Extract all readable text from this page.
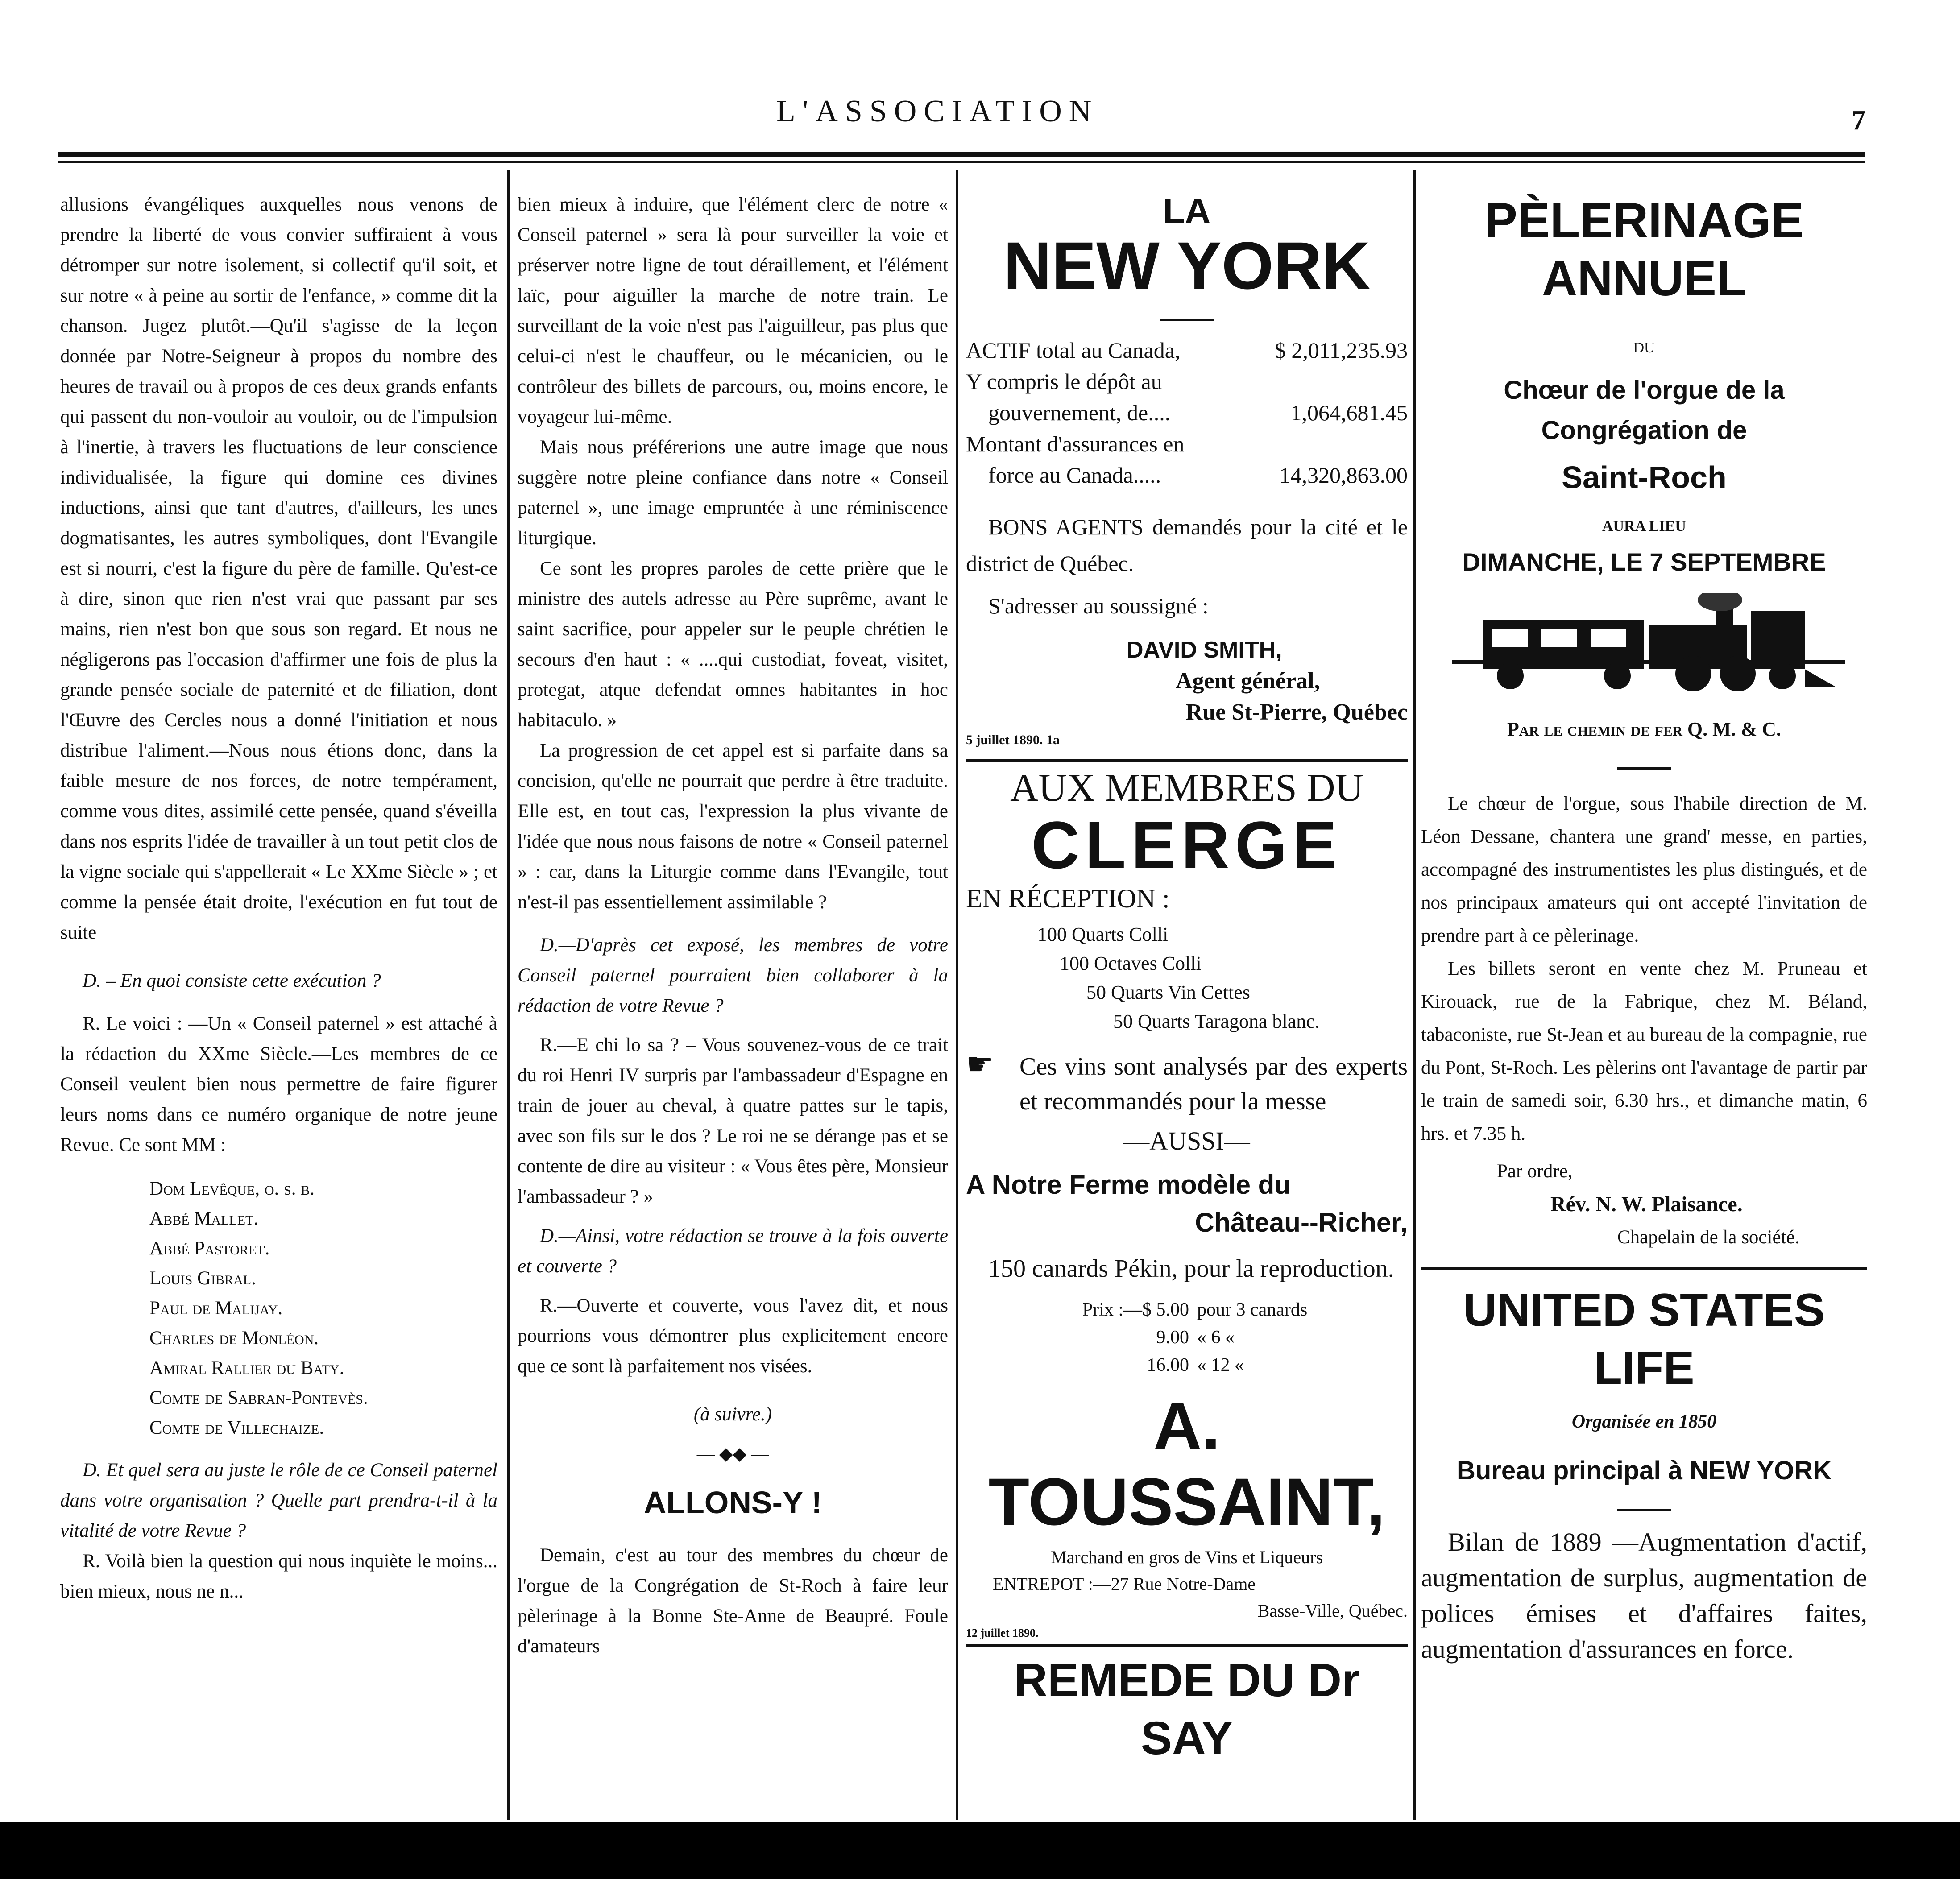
L'ASSOCIATION	7

allusions évangéliques auxquelles nous venons de prendre la liberté de vous convier suffiraient à vous détromper sur notre isolement, si collectif qu'il soit, et sur notre « à peine au sortir de l'enfance, » comme dit la chanson. Jugez plutôt.—Qu'il s'agisse de la leçon donnée par Notre-Seigneur à propos du nombre des heures de travail ou à propos de ces deux grands enfants qui passent du non-vouloir au vouloir, ou de l'impulsion à l'inertie, à travers les fluctuations de leur conscience individualisée, la figure qui domine ces divines inductions, ainsi que tant d'autres, d'ailleurs, les unes dogmatisantes, les autres symboliques, dont l'Evangile est si nourri, c'est la figure du père de famille. Qu'est-ce à dire, sinon que rien n'est vrai que passant par ses mains, rien n'est bon que sous son regard. Et nous ne négligerons pas l'occasion d'affirmer une fois de plus la grande pensée sociale de paternité et de filiation, dont l'Œuvre des Cercles nous a donné l'initiation et nous distribue l'aliment.—Nous nous étions donc, dans la faible mesure de nos forces, de notre tempérament, comme vous dites, assimilé cette pensée, quand s'éveilla dans nos esprits l'idée de travailler à un tout petit clos de la vigne sociale qui s'appellerait « Le XXme Siècle » ; et comme la pensée était droite, l'exécution en fut tout de suite

D. – En quoi consiste cette exécution ?

R. Le voici : —Un « Conseil paternel » est attaché à la rédaction du XXme Siècle.—Les membres de ce Conseil veulent bien nous permettre de faire figurer leurs noms dans ce numéro organique de notre jeune Revue. Ce sont MM :

Dom Levêque, o. s. b.
Abbé Mallet.
Abbé Pastoret.
Louis Gibral.
Paul de Malijay.
Charles de Monléon.
Amiral Rallier du Baty.
Comte de Sabran-Pontevès.
Comte de Villechaize.

D. Et quel sera au juste le rôle de ce Conseil paternel dans votre organisation ? Quelle part prendra-t-il à la vitalité de votre Revue ?

R. Voilà bien la question qui nous inquiète le moins... bien mieux, nous ne n...

bien mieux à induire, que l'élément clerc de notre « Conseil paternel » sera là pour surveiller la voie et préserver notre ligne de tout déraillement, et l'élément laïc, pour aiguiller la marche de notre train. Le surveillant de la voie n'est pas l'aiguilleur, pas plus que celui-ci n'est le chauffeur, ou le mécanicien, ou le contrôleur des billets de parcours, ou, moins encore, le voyageur lui-même.

Mais nous préférerions une autre image que nous suggère notre pleine confiance dans notre « Conseil paternel », une image empruntée à une réminiscence liturgique.

Ce sont les propres paroles de cette prière que le ministre des autels adresse au Père suprême, avant le saint sacrifice, pour appeler sur le peuple chrétien le secours d'en haut : « ....qui custodiat, foveat, visitet, protegat, atque defendat omnes habitantes in hoc habitaculo. »

La progression de cet appel est si parfaite dans sa concision, qu'elle ne pourrait que perdre à être traduite. Elle est, en tout cas, l'expression la plus vivante de l'idée que nous nous faisons de notre « Conseil paternel » : car, dans la Liturgie comme dans l'Evangile, tout n'est-il pas essentiellement assimilable ?

D.—D'après cet exposé, les membres de votre Conseil paternel pourraient bien collaborer à la rédaction de votre Revue ?

R.—E chi lo sa ? – Vous souvenez-vous de ce trait du roi Henri IV surpris par l'ambassadeur d'Espagne en train de jouer au cheval, à quatre pattes sur le tapis, avec son fils sur le dos ? Le roi ne se dérange pas et se contente de dire au visiteur : « Vous êtes père, Monsieur l'ambassadeur ? »

D.—Ainsi, votre rédaction se trouve à la fois ouverte et couverte ?

R.—Ouverte et couverte, vous l'avez dit, et nous pourrions vous démontrer plus explicitement encore que ce sont là parfaitement nos visées.

(à suivre.)

— ◆◆ —

ALLONS-Y !

Demain, c'est au tour des membres du chœur de l'orgue de la Congrégation de St-Roch à faire leur pèlerinage à la Bonne Ste-Anne de Beaupré. Foule d'amateurs

LA
NEW YORK
ACTIF total au Canada,	$ 2,011,235.93
Y compris le dépôt au
gouvernement, de....	1,064,681.45
Montant d'assurances en
force au Canada.....	14,320,863.00

BONS AGENTS demandés pour la cité et le district de Québec.

S'adresser au soussigné :

DAVID SMITH,
Agent général,
Rue St-Pierre, Québec
5 juillet 1890. 1a
AUX MEMBRES DU
CLERGE
EN RÉCEPTION :
100 Quarts Colli
100 Octaves Colli
50 Quarts Vin Cettes
50 Quarts Taragona blanc.
☛	Ces vins sont analysés par des experts et recommandés pour la messe
—AUSSI—
A Notre Ferme modèle du
Château--Richer,

150 canards Pékin, pour la reproduction.

Prix :—$ 5.00 pour 3 canards
9.00 « 6 «
16.00 « 12 «
A. TOUSSAINT,
Marchand en gros de Vins et Liqueurs
ENTREPOT :—27 Rue Notre-Dame
Basse-Ville, Québec.
12 juillet 1890.
REMEDE DU Dr SAY
PÈLERINAGE ANNUEL
DU
Chœur de l'orgue de la Congrégation de
Saint-Roch
AURA LIEU
DIMANCHE, LE 7 SEPTEMBRE
Par le chemin de fer Q. M. & C.

Le chœur de l'orgue, sous l'habile direction de M. Léon Dessane, chantera une grand' messe, en parties, accompagné des instrumentistes les plus distingués, et de nos principaux amateurs qui ont accepté l'invitation de prendre part à ce pèlerinage.

Les billets seront en vente chez M. Pruneau et Kirouack, rue de la Fabrique, chez M. Béland, tabaconiste, rue St-Jean et au bureau de la compagnie, rue du Pont, St-Roch. Les pèlerins ont l'avantage de partir par le train de samedi soir, 6.30 hrs., et dimanche matin, 6 hrs. et 7.35 h.

Par ordre,
Rév. N. W. Plaisance.
Chapelain de la société.
UNITED STATES LIFE
Organisée en 1850
Bureau principal à NEW YORK

Bilan de 1889 —Augmentation d'actif, augmentation de surplus, augmentation de polices émises et d'affaires faites, augmentation d'assurances en force.
